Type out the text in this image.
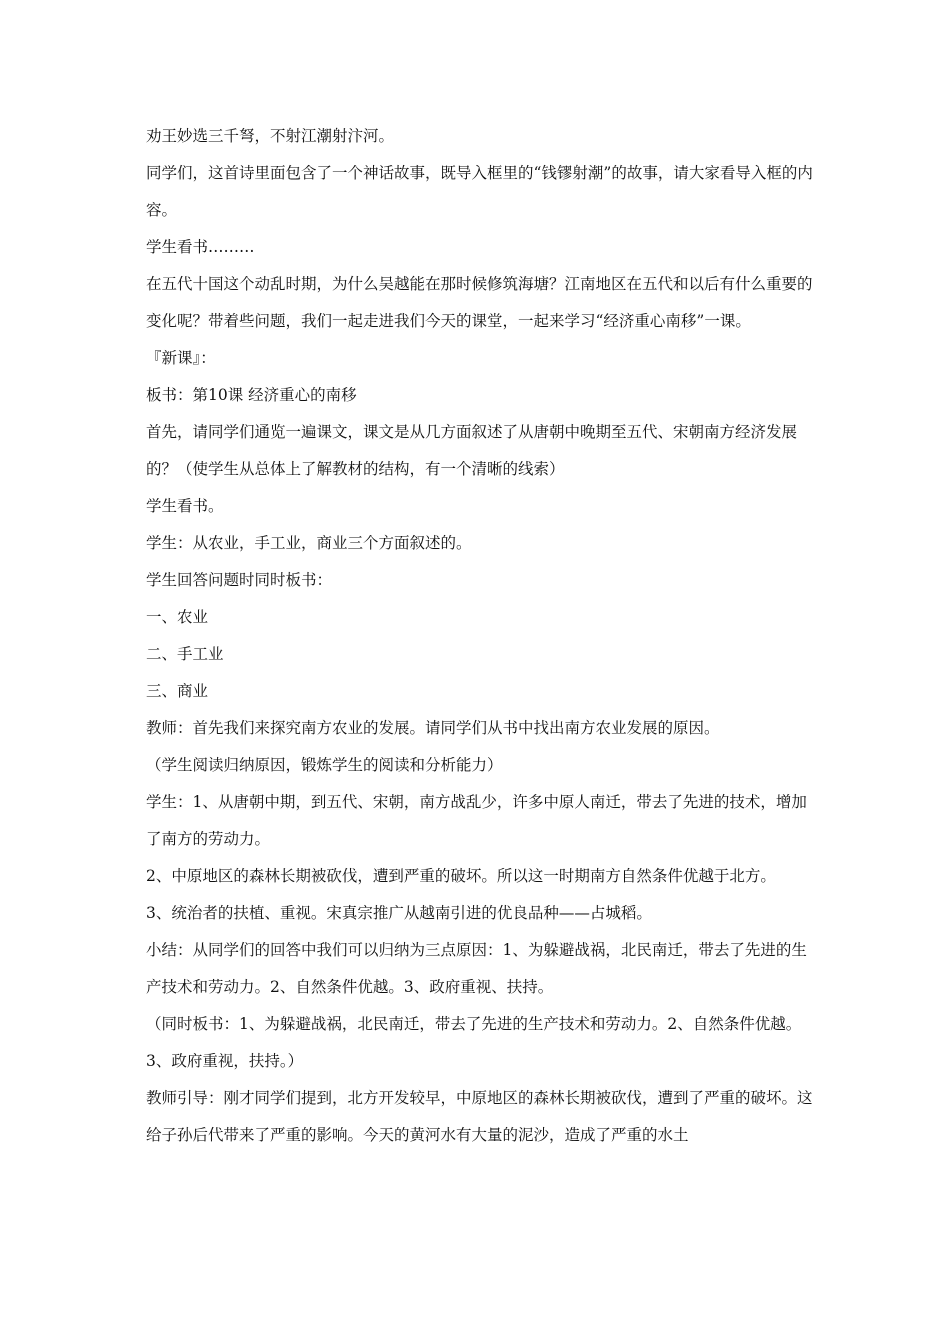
劝王妙选三千弩，不射江潮射汴河。

同学们，这首诗里面包含了一个神话故事，既导入框里的“钱镠射潮”的故事，请大家看导入框的内容。

学生看书………

在五代十国这个动乱时期，为什么吴越能在那时候修筑海塘？江南地区在五代和以后有什么重要的变化呢？带着些问题，我们一起走进我们今天的课堂，一起来学习“经济重心南移”一课。

『新课』：

板书：第10课 经济重心的南移

首先，请同学们通览一遍课文，课文是从几方面叙述了从唐朝中晚期至五代、宋朝南方经济发展的？（使学生从总体上了解教材的结构，有一个清晰的线索）

学生看书。

学生：从农业，手工业，商业三个方面叙述的。

学生回答问题时同时板书：

一、农业

二、手工业

三、商业

教师：首先我们来探究南方农业的发展。请同学们从书中找出南方农业发展的原因。

（学生阅读归纳原因，锻炼学生的阅读和分析能力）

学生：1、从唐朝中期，到五代、宋朝，南方战乱少，许多中原人南迁，带去了先进的技术，增加了南方的劳动力。

2、中原地区的森林长期被砍伐，遭到严重的破坏。所以这一时期南方自然条件优越于北方。

3、统治者的扶植、重视。宋真宗推广从越南引进的优良品种——占城稻。

小结：从同学们的回答中我们可以归纳为三点原因：1、为躲避战祸，北民南迁，带去了先进的生产技术和劳动力。2、自然条件优越。3、政府重视、扶持。

（同时板书：1、为躲避战祸，北民南迁，带去了先进的生产技术和劳动力。2、自然条件优越。3、政府重视，扶持。）

教师引导：刚才同学们提到，北方开发较早，中原地区的森林长期被砍伐，遭到了严重的破坏。这给子孙后代带来了严重的影响。今天的黄河水有大量的泥沙，造成了严重的水土
